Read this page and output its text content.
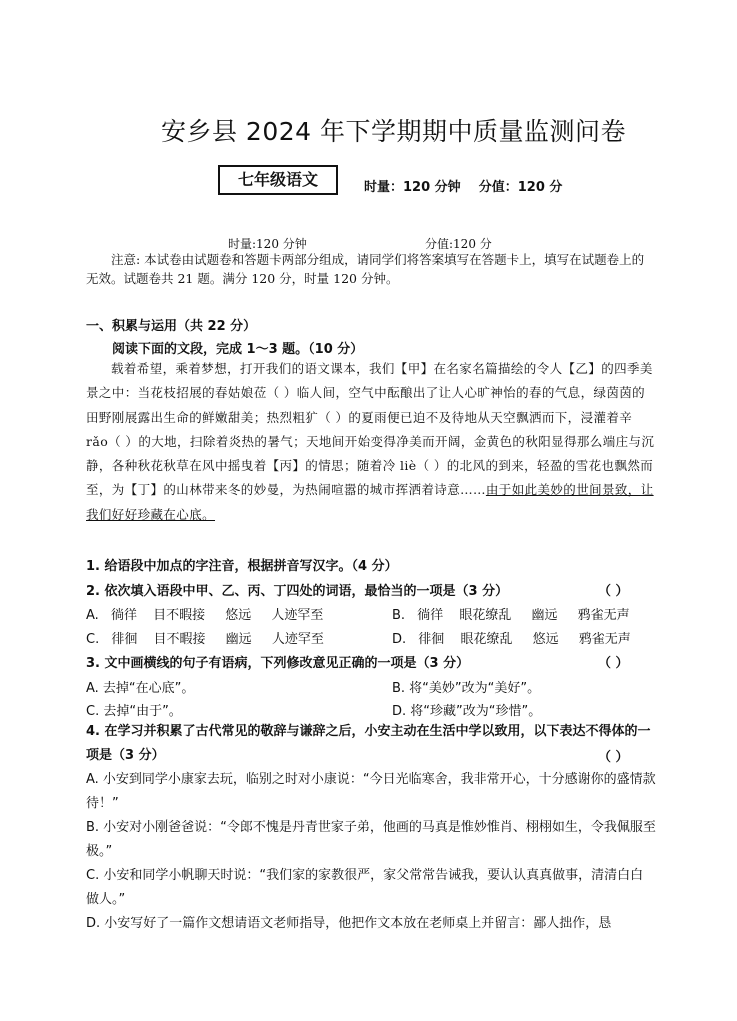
安乡县 2024 年下学期期中质量监测问卷
七年级语文	时量：120 分钟    分值：120 分
时量:120 分钟	分值:120 分
注意: 本试卷由试题卷和答题卡两部分组成，请同学们将答案填写在答题卡上，填写在试题卷上的无效。试题卷共 21 题。满分 120 分，时量 120 分钟。
一、积累与运用（共 22 分）
阅读下面的文段，完成 1～3 题。（10 分）
载着希望，乘着梦想，打开我们的语文课本，我们【甲】在名家名篇描绘的令人【乙】的四季美景之中：当花枝招展的春姑娘莅（ ）临人间，空气中酝酿出了让人心旷神怡的春的气息，绿茵茵的田野刚展露出生命的鲜嫩甜美；热烈粗犷（ ）的夏雨便已迫不及待地从天空飘洒而下，浸灌着辛 rǎo（ ）的大地，扫除着炎热的暑气；天地间开始变得净美而开阔，金黄色的秋阳显得那么端庄与沉静，各种秋花秋草在风中摇曳着【丙】的情思；随着冷 liè（ ）的北风的到来，轻盈的雪花也飘然而至，为【丁】的山林带来冬的妙曼，为热闹喧嚣的城市挥洒着诗意……由于如此美妙的世间景致，让我们好好珍藏在心底。
1. 给语段中加点的字注音，根据拼音写汉字。（4 分）
2. 依次填入语段中甲、乙、丙、丁四处的词语，最恰当的一项是（3 分）	（ ）
A. 徜徉 目不暇接 悠远 人迹罕至	B. 徜徉 眼花缭乱 幽远 鸦雀无声
C. 徘徊 目不暇接 幽远 人迹罕至	D. 徘徊 眼花缭乱 悠远 鸦雀无声
3. 文中画横线的句子有语病，下列修改意见正确的一项是（3 分）	（ ）
A. 去掉“在心底”。	B. 将“美妙”改为“美好”。
C. 去掉“由于”。	D. 将“珍藏”改为“珍惜”。
4. 在学习并积累了古代常见的敬辞与谦辞之后，小安主动在生活中学以致用，以下表达不得体的一项是（3 分）	（ ）
A. 小安到同学小康家去玩，临别之时对小康说：“今日光临寒舍，我非常开心，十分感谢你的盛情款待！”
B. 小安对小刚爸爸说：“令郎不愧是丹青世家子弟，他画的马真是惟妙惟肖、栩栩如生，令我佩服至极。”
C. 小安和同学小帆聊天时说：“我们家的家教很严，家父常常告诫我，要认认真真做事，清清白白做人。”
D. 小安写好了一篇作文想请语文老师指导，他把作文本放在老师桌上并留言：鄙人拙作，恳
